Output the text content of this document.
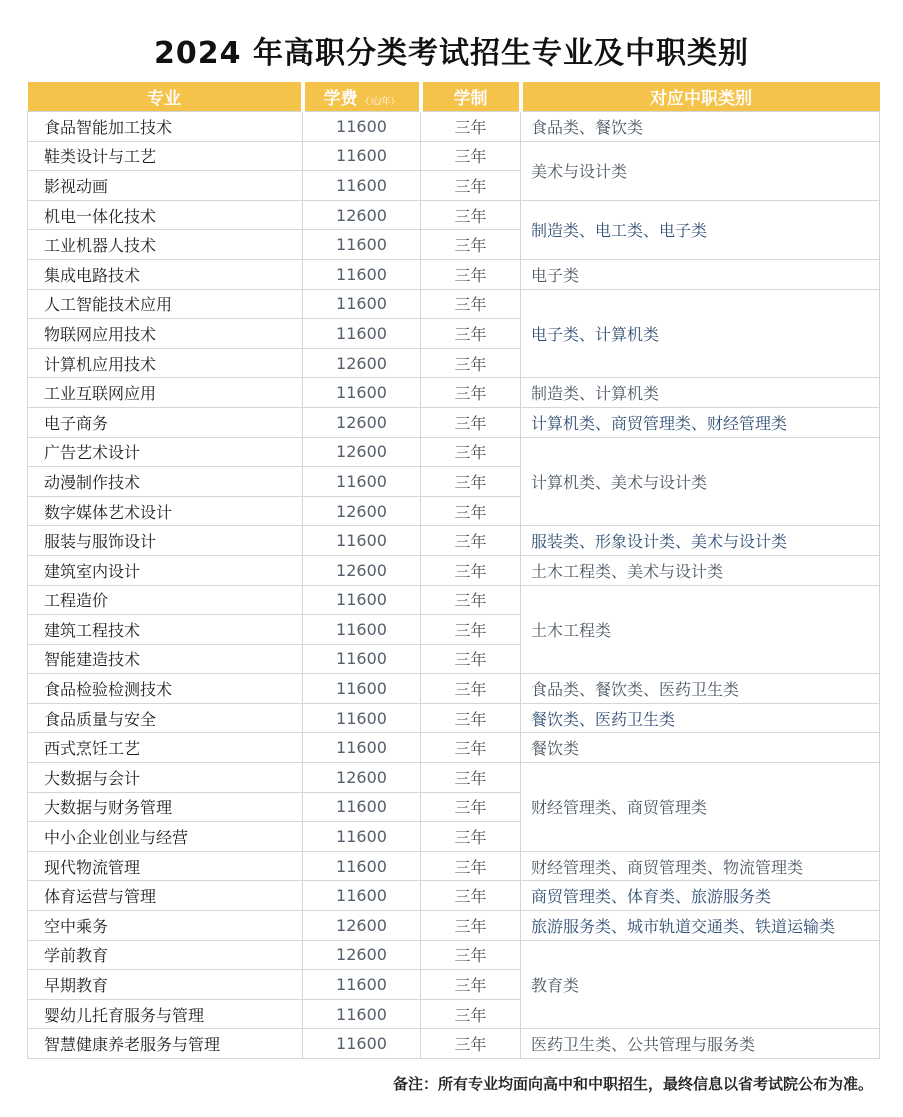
2024 年高职分类考试招生专业及中职类别
专业	学费 （元/年）	学制	对应中职类别
食品智能加工技术	11600	三年	食品类、餐饮类
鞋类设计与工艺	11600	三年	美术与设计类
影视动画	11600	三年	
机电一体化技术	12600	三年	制造类、电工类、电子类
工业机器人技术	11600	三年	
集成电路技术	11600	三年	电子类
人工智能技术应用	11600	三年	电子类、计算机类
物联网应用技术	11600	三年	
计算机应用技术	12600	三年	
工业互联网应用	11600	三年	制造类、计算机类
电子商务	12600	三年	计算机类、商贸管理类、财经管理类
广告艺术设计	12600	三年	计算机类、美术与设计类
动漫制作技术	11600	三年	
数字媒体艺术设计	12600	三年	
服装与服饰设计	11600	三年	服装类、形象设计类、美术与设计类
建筑室内设计	12600	三年	土木工程类、美术与设计类
工程造价	11600	三年	土木工程类
建筑工程技术	11600	三年	
智能建造技术	11600	三年	
食品检验检测技术	11600	三年	食品类、餐饮类、医药卫生类
食品质量与安全	11600	三年	餐饮类、医药卫生类
西式烹饪工艺	11600	三年	餐饮类
大数据与会计	12600	三年	财经管理类、商贸管理类
大数据与财务管理	11600	三年	
中小企业创业与经营	11600	三年	
现代物流管理	11600	三年	财经管理类、商贸管理类、物流管理类
体育运营与管理	11600	三年	商贸管理类、体育类、旅游服务类
空中乘务	12600	三年	旅游服务类、城市轨道交通类、铁道运输类
学前教育	12600	三年	教育类
早期教育	11600	三年	
婴幼儿托育服务与管理	11600	三年	
智慧健康养老服务与管理	11600	三年	医药卫生类、公共管理与服务类
备注：所有专业均面向高中和中职招生，最终信息以省考试院公布为准。
